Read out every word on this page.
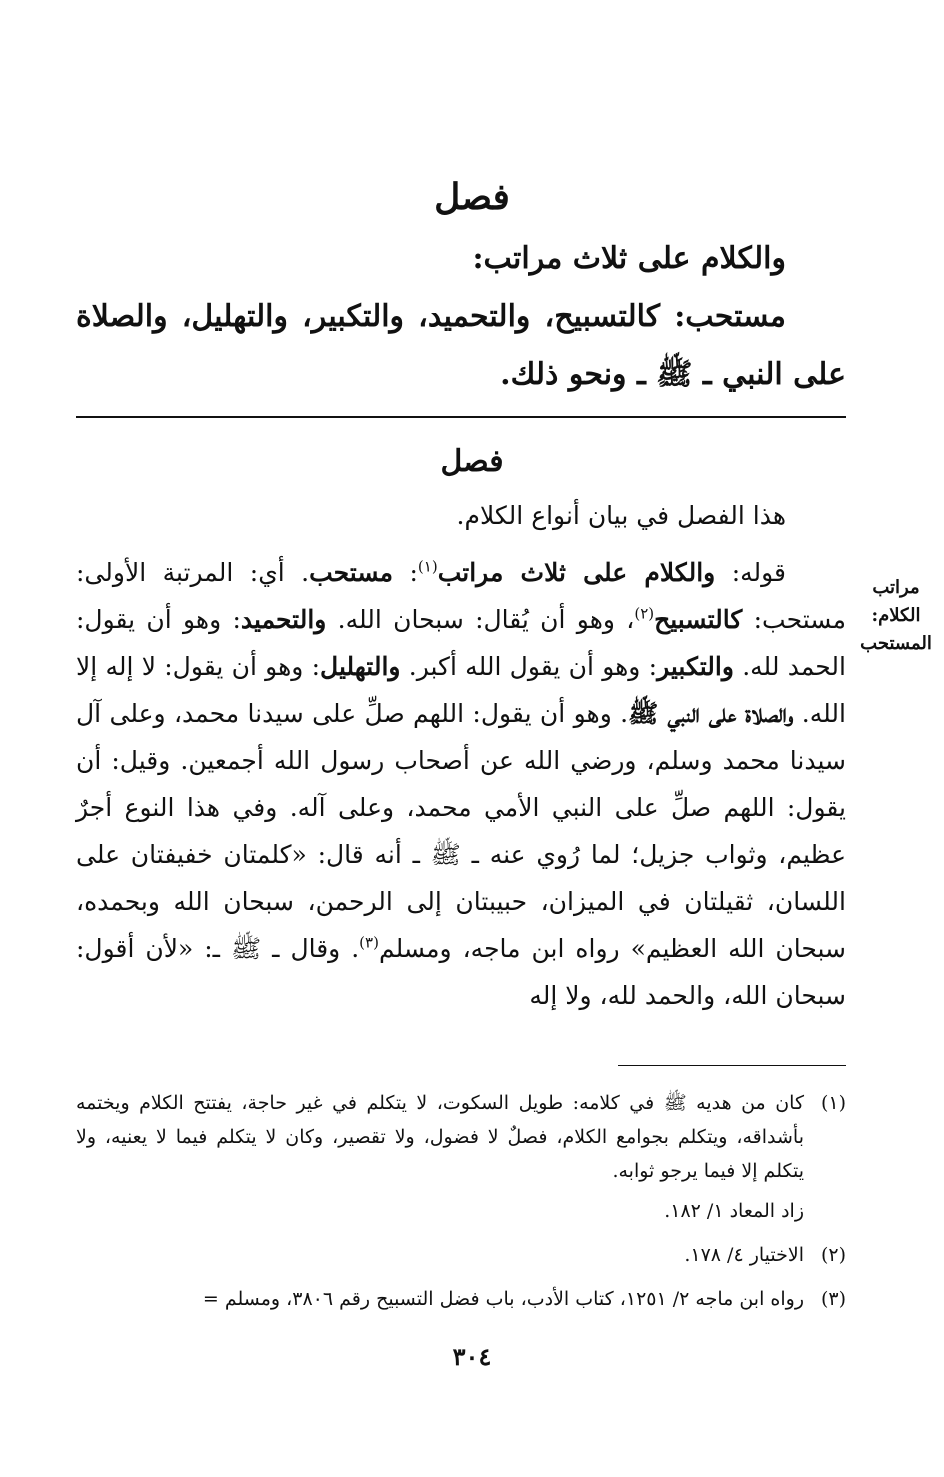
فصل
والكلام على ثلاث مراتب:
مستحب: كالتسبيح، والتحميد، والتكبير، والتهليل، والصلاة على النبي ـ ﷺ ـ ونحو ذلك.
فصل

هذا الفصل في بيان أنواع الكلام.

قوله: والكلام على ثلاث مراتب$^{(١)}$: مستحب. أي: المرتبة الأولى: مستحب: كالتسبيح$^{(٢)}$، وهو أن يُقال: سبحان الله. والتحميد: وهو أن يقول: الحمد لله. والتكبير: وهو أن يقول الله أكبر. والتهليل: وهو أن يقول: لا إله إلا الله. والصلاة على النبي ﷺ. وهو أن يقول: اللهم صلِّ على سيدنا محمد، وعلى آل سيدنا محمد وسلم، ورضي الله عن أصحاب رسول الله أجمعين. وقيل: أن يقول: اللهم صلِّ على النبي الأمي محمد، وعلى آله. وفي هذا النوع أجرٌ عظيم، وثواب جزيل؛ لما رُوي عنه ـ ﷺ ـ أنه قال: «كلمتان خفيفتان على اللسان، ثقيلتان في الميزان، حبيبتان إلى الرحمن، سبحان الله وبحمده، سبحان الله العظيم» رواه ابن ماجه، ومسلم$^{(٣)}$. وقال ـ ﷺ ـ: «لأن أقول: سبحان الله، والحمد لله، ولا إله

مراتب
الكلام:
المستحب
(١)
كان من هديه ﷺ في كلامه: طويل السكوت، لا يتكلم في غير حاجة، يفتتح الكلام ويختمه بأشداقه، ويتكلم بجوامع الكلام، فصلٌ لا فضول، ولا تقصير، وكان لا يتكلم فيما لا يعنيه، ولا يتكلم إلا فيما يرجو ثوابه.
زاد المعاد ١/ ١٨٢.
(٢)
الاختيار ٤/ ١٧٨.
(٣)
رواه ابن ماجه ٢/ ١٢٥١، كتاب الأدب، باب فضل التسبيح رقم ٣٨٠٦، ومسلم =
٣٠٤
